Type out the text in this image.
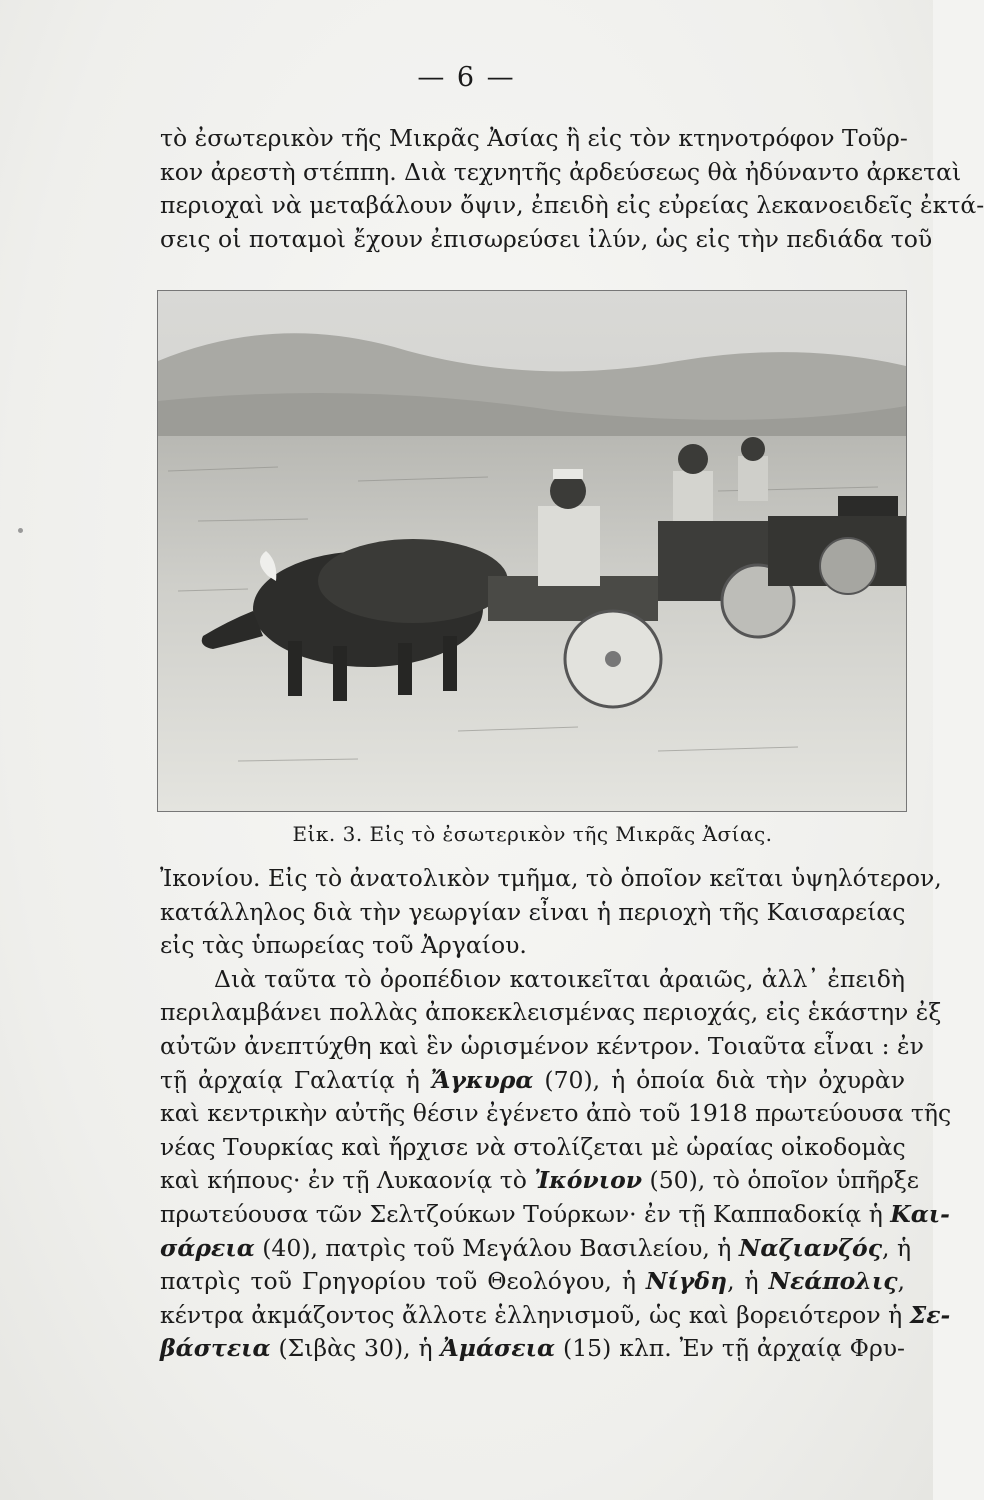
— 6 —
τὸ ἐσωτερικὸν τῆς Μικρᾶς Ἀσίας ἢ εἰς τὸν κτηνοτρόφον Τοῦρ-
κον ἀρεστὴ στέππη. Διὰ τεχνητῆς ἀρδεύσεως θὰ ἠδύναντο ἀρκεταὶ
περιοχαὶ νὰ μεταβάλουν ὄψιν, ἐπειδὴ εἰς εὐρείας λεκανοειδεῖς ἐκτά-
σεις οἱ ποταμοὶ ἔχουν ἐπισωρεύσει ἰλύν, ὡς εἰς τὴν πεδιάδα τοῦ
Εἰκ. 3. Εἰς τὸ ἐσωτερικὸν τῆς Μικρᾶς Ἀσίας.
Ἰκονίου. Εἰς τὸ ἀνατολικὸν τμῆμα, τὸ ὁποῖον κεῖται ὑψηλότερον,
κατάλληλος διὰ τὴν γεωργίαν εἶναι ἡ περιοχὴ τῆς Καισαρείας
εἰς τὰς ὑπωρείας τοῦ Ἀργαίου.
Διὰ ταῦτα τὸ ὀροπέδιον κατοικεῖται ἀραιῶς, ἀλλ᾽ ἐπειδὴ
περιλαμβάνει πολλὰς ἀποκεκλεισμένας περιοχάς, εἰς ἑκάστην ἐξ
αὐτῶν ἀνεπτύχθη καὶ ἓν ὡρισμένον κέντρον. Τοιαῦτα εἶναι : ἐν
τῇ ἀρχαίᾳ Γαλατίᾳ ἡ Ἄγκυρα (70), ἡ ὁποία διὰ τὴν ὀχυρὰν
καὶ κεντρικὴν αὐτῆς θέσιν ἐγένετο ἀπὸ τοῦ 1918 πρωτεύουσα τῆς
νέας Τουρκίας καὶ ἤρχισε νὰ στολίζεται μὲ ὡραίας οἰκοδομὰς
καὶ κήπους· ἐν τῇ Λυκαονίᾳ τὸ Ἰκόνιον (50), τὸ ὁποῖον ὑπῆρξε
πρωτεύουσα τῶν Σελτζούκων Τούρκων· ἐν τῇ Καππαδοκίᾳ ἡ Και-
σάρεια (40), πατρὶς τοῦ Μεγάλου Βασιλείου, ἡ Ναζιανζός, ἡ
πατρὶς τοῦ Γρηγορίου τοῦ Θεολόγου, ἡ Νίγδη, ἡ Νεάπολις,
κέντρα ἀκμάζοντος ἄλλοτε ἑλληνισμοῦ, ὡς καὶ βορειότερον ἡ Σε-
βάστεια (Σιβὰς 30), ἡ Ἀμάσεια (15) κλπ. Ἐν τῇ ἀρχαίᾳ Φρυ-
